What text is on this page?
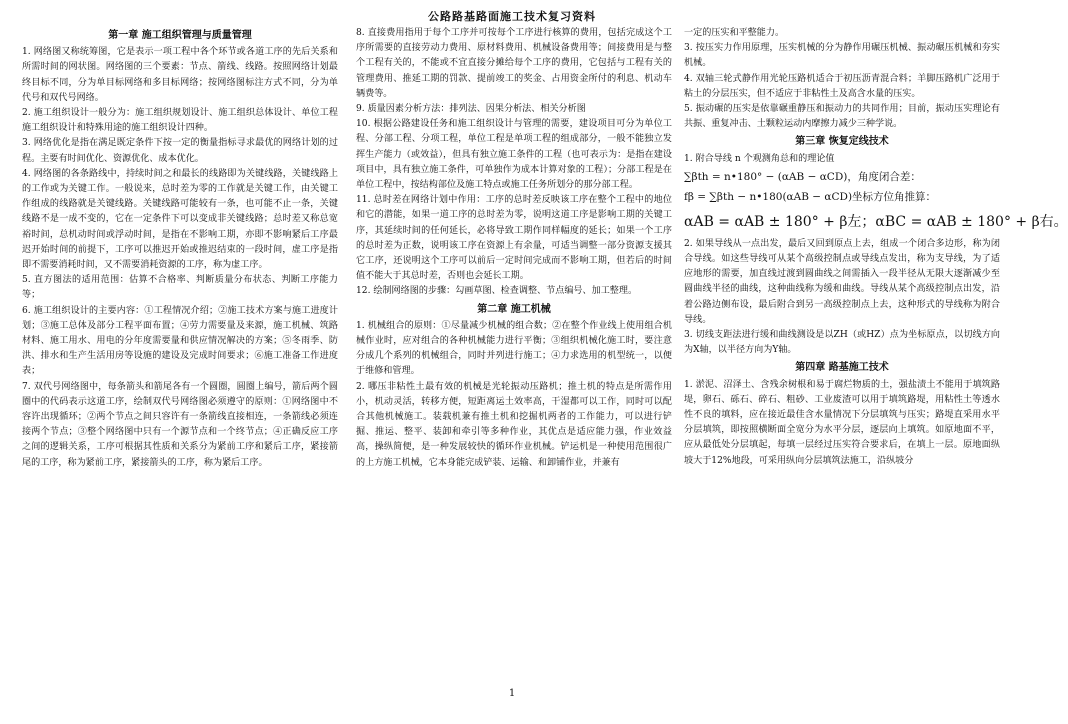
公路路基路面施工技术复习资料
第一章 施工组织管理与质量管理
1. 网络图又称统筹图，它是表示一项工程中各个环节或各道工序的先后关系和所需时间的网状图。网络图的三个要素：节点、箭线、线路。按照网络计划最终目标不同，分为单目标网络和多目标网络；按网络图标注方式不同，分为单代号和双代号网络。
2. 施工组织设计一般分为：施工组织规划设计、施工组织总体设计、单位工程施工组织设计和特殊用途的施工组织设计四种。
3. 网络优化是指在满足既定条件下按一定的衡量指标寻求最优的网络计划的过程。主要有时间优化、资源优化、成本优化。
4. 网络图的各条路线中，持续时间之和最长的线路即为关键线路，关键线路上的工作或为关键工作。一般说来，总时差为零的工作就是关键工作，由关键工作组成的线路就是关键线路。关键线路可能较有一条，也可能不止一条，关键线路不是一成不变的，它在一定条件下可以变成非关键线路；总时差又称总宽裕时间，总机动时间或浮动时间，是指在不影响工期，亦即不影响紧后工序最迟开始时间的前提下，工序可以推迟开始或推迟结束的一段时间，虚工序是指即不需要消耗时间，又不需要消耗资源的工序，称为虚工序。
5. 直方图法的适用范围：估算不合格率、判断质量分布状态、判断工序能力等；
6. 施工组织设计的主要内容：①工程情况介绍；②施工技术方案与施工进度计划；③施工总体及部分工程平面布置；④劳力需要量及来源，施工机械、筑路材料、施工用水、用电的分年度需要量和供应情况解决的方案；⑤冬雨季、防洪、排水和生产生活用房等设施的建设及完成时间要求；⑥施工准备工作进度表；
7. 双代号网络图中，每条箭头和箭尾各有一个圆圈，圆圈上编号，箭后两个圆圈中的代码表示这道工序，绘制双代号网络图必须遵守的原则：①网络图中不容许出现循环；②两个节点之间只容许有一条箭线直接相连，一条箭线必须连接两个节点；③整个网络图中只有一个源节点和一个终节点；④正确反应工序之间的逻辑关系，工序可根据其性质和关系分为紧前工序和紧后工序，紧接箭尾的工序，称为紧前工序，紧接箭头的工序，称为紧后工序。
8. 直接费用指用于每个工序并可按每个工序进行核算的费用，包括完成这个工序所需要的直接劳动力费用、原材料费用、机械设备费用等；间接费用是与整个工程有关的，不能或不宜直接分摊给每个工序的费用，它包括与工程有关的管理费用、推延工期的罚款、提前竣工的奖金、占用资金所付的利息、机动车辆费等。
9. 质量因素分析方法：排列法、因果分析法、相关分析图
10. 根据公路建设任务和施工组织设计与管理的需要，建设项目可分为单位工程、分部工程、分项工程，单位工程是单项工程的组成部分，一般不能独立发挥生产能力（或效益），但具有独立施工条件的工程（也可表示为：是指在建设项目中，具有独立施工条件，可单独作为成本计算对象的工程）；分部工程是在单位工程中，按结构部位及施工特点或施工任务所划分的那分部工程。
11. 总时差在网络计划中作用：工序的总时差反映该工序在整个工程中的地位和它的潜能，如果一道工序的总时差为零，说明这道工序是影响工期的关键工序，其延续时间的任何延长，必将导致工期作同样幅度的延长；如果一个工序的总时差为正数，说明该工序在资源上有余量，可适当调整一部分资源支援其它工序，还说明这个工序可以前后一定时间完成而不影响工期，但若后的时间值不能大于其总时差，否则也会延长工期。
12. 绘制网络图的步骤：勾画草图、检查调整、节点编号、加工整理。
第二章 施工机械
1. 机械组合的原则：①尽量减少机械的组合数；②在整个作业线上使用组合机械作业时，应对组合的各种机械能力进行平衡；③组织机械化施工时，要注意分成几个系列的机械组合，同时并列进行施工；④力求选用的机型统一，以便于维修和管理。
2. 哪压非粘性土最有效的机械是光轮振动压路机；推土机的特点是所需作用小，机动灵活，转移方便，短距离运土效率高，干湿都可以工作，同时可以配合其他机械施工。装载机兼有推土机和挖掘机两者的工作能力，可以进行铲掘、推运、整平、装卸和牵引等多种作业，其优点是适应能力强，作业效益高，操纵简便，是一种发展较快的循环作业机械。铲运机是一种使用范围很广的上方施工机械，它本身能完成铲装、运输、和卸铺作业，并兼有
一定的压实和平整能力。
3. 按压实力作用原理，压实机械的分为静作用碾压机械、振动碾压机械和夯实机械。
4. 双轴三轮式静作用光轮压路机适合于初压沥青混合料；羊脚压路机广泛用于粘土的分层压实，但不适应于非粘性土及高含水量的压实。
5. 振动碾的压实是依靠碾重静压和振动力的共同作用；目前，振动压实理论有共振、重复冲击、土颗粒运动内摩擦力减少三种学说。
第三章 恢复定线技术
1. 附合导线 n 个观测角总和的理论值
∑βth = n•180° − (αAB − αCD)，角度闭合差：
fβ = ∑βth − n•180(αAB − αCD)坐标方位角推算：
αAB = αAB ± 180° + β左；αBC = αAB ± 180° + β右。
2. 如果导线从一点出发，最后又回到原点上去，组成一个闭合多边形，称为闭合导线。如这些导线可从某个高级控制点或导线点发出，称为支导线，为了适应地形的需要，加直线过渡到圆曲线之间需插入一段半径从无限大逐渐减少至圆曲线半径的曲线，这种曲线称为缓和曲线。导线从某个高级控制点出发，沿着公路边侧布设，最后附合到另一高级控制点上去，这种形式的导线称为附合导线。
3. 切线支距法进行缓和曲线测设是以ZH（或HZ）点为坐标原点，以切线方向为X轴，以半径方向为Y轴。
第四章 路基施工技术
1. 淤泥、沼泽土、含残余树根和易于腐烂物质的土，强盐渍土不能用于填筑路堤，卵石、砾石、碎石、粗砂、工业废渣可以用于填筑路堤，用粘性土等透水性不良的填料，应在接近最佳含水量情况下分层填筑与压实；路堤直采用水平分层填筑，即按照横断面全宽分为水平分层，逐层向上填筑。如原地面不平，应从最低处分层填起，每填一层经过压实符合要求后，在填上一层。原地面纵坡大于12%地段，可采用纵向分层填筑法施工，沿纵坡分
1
